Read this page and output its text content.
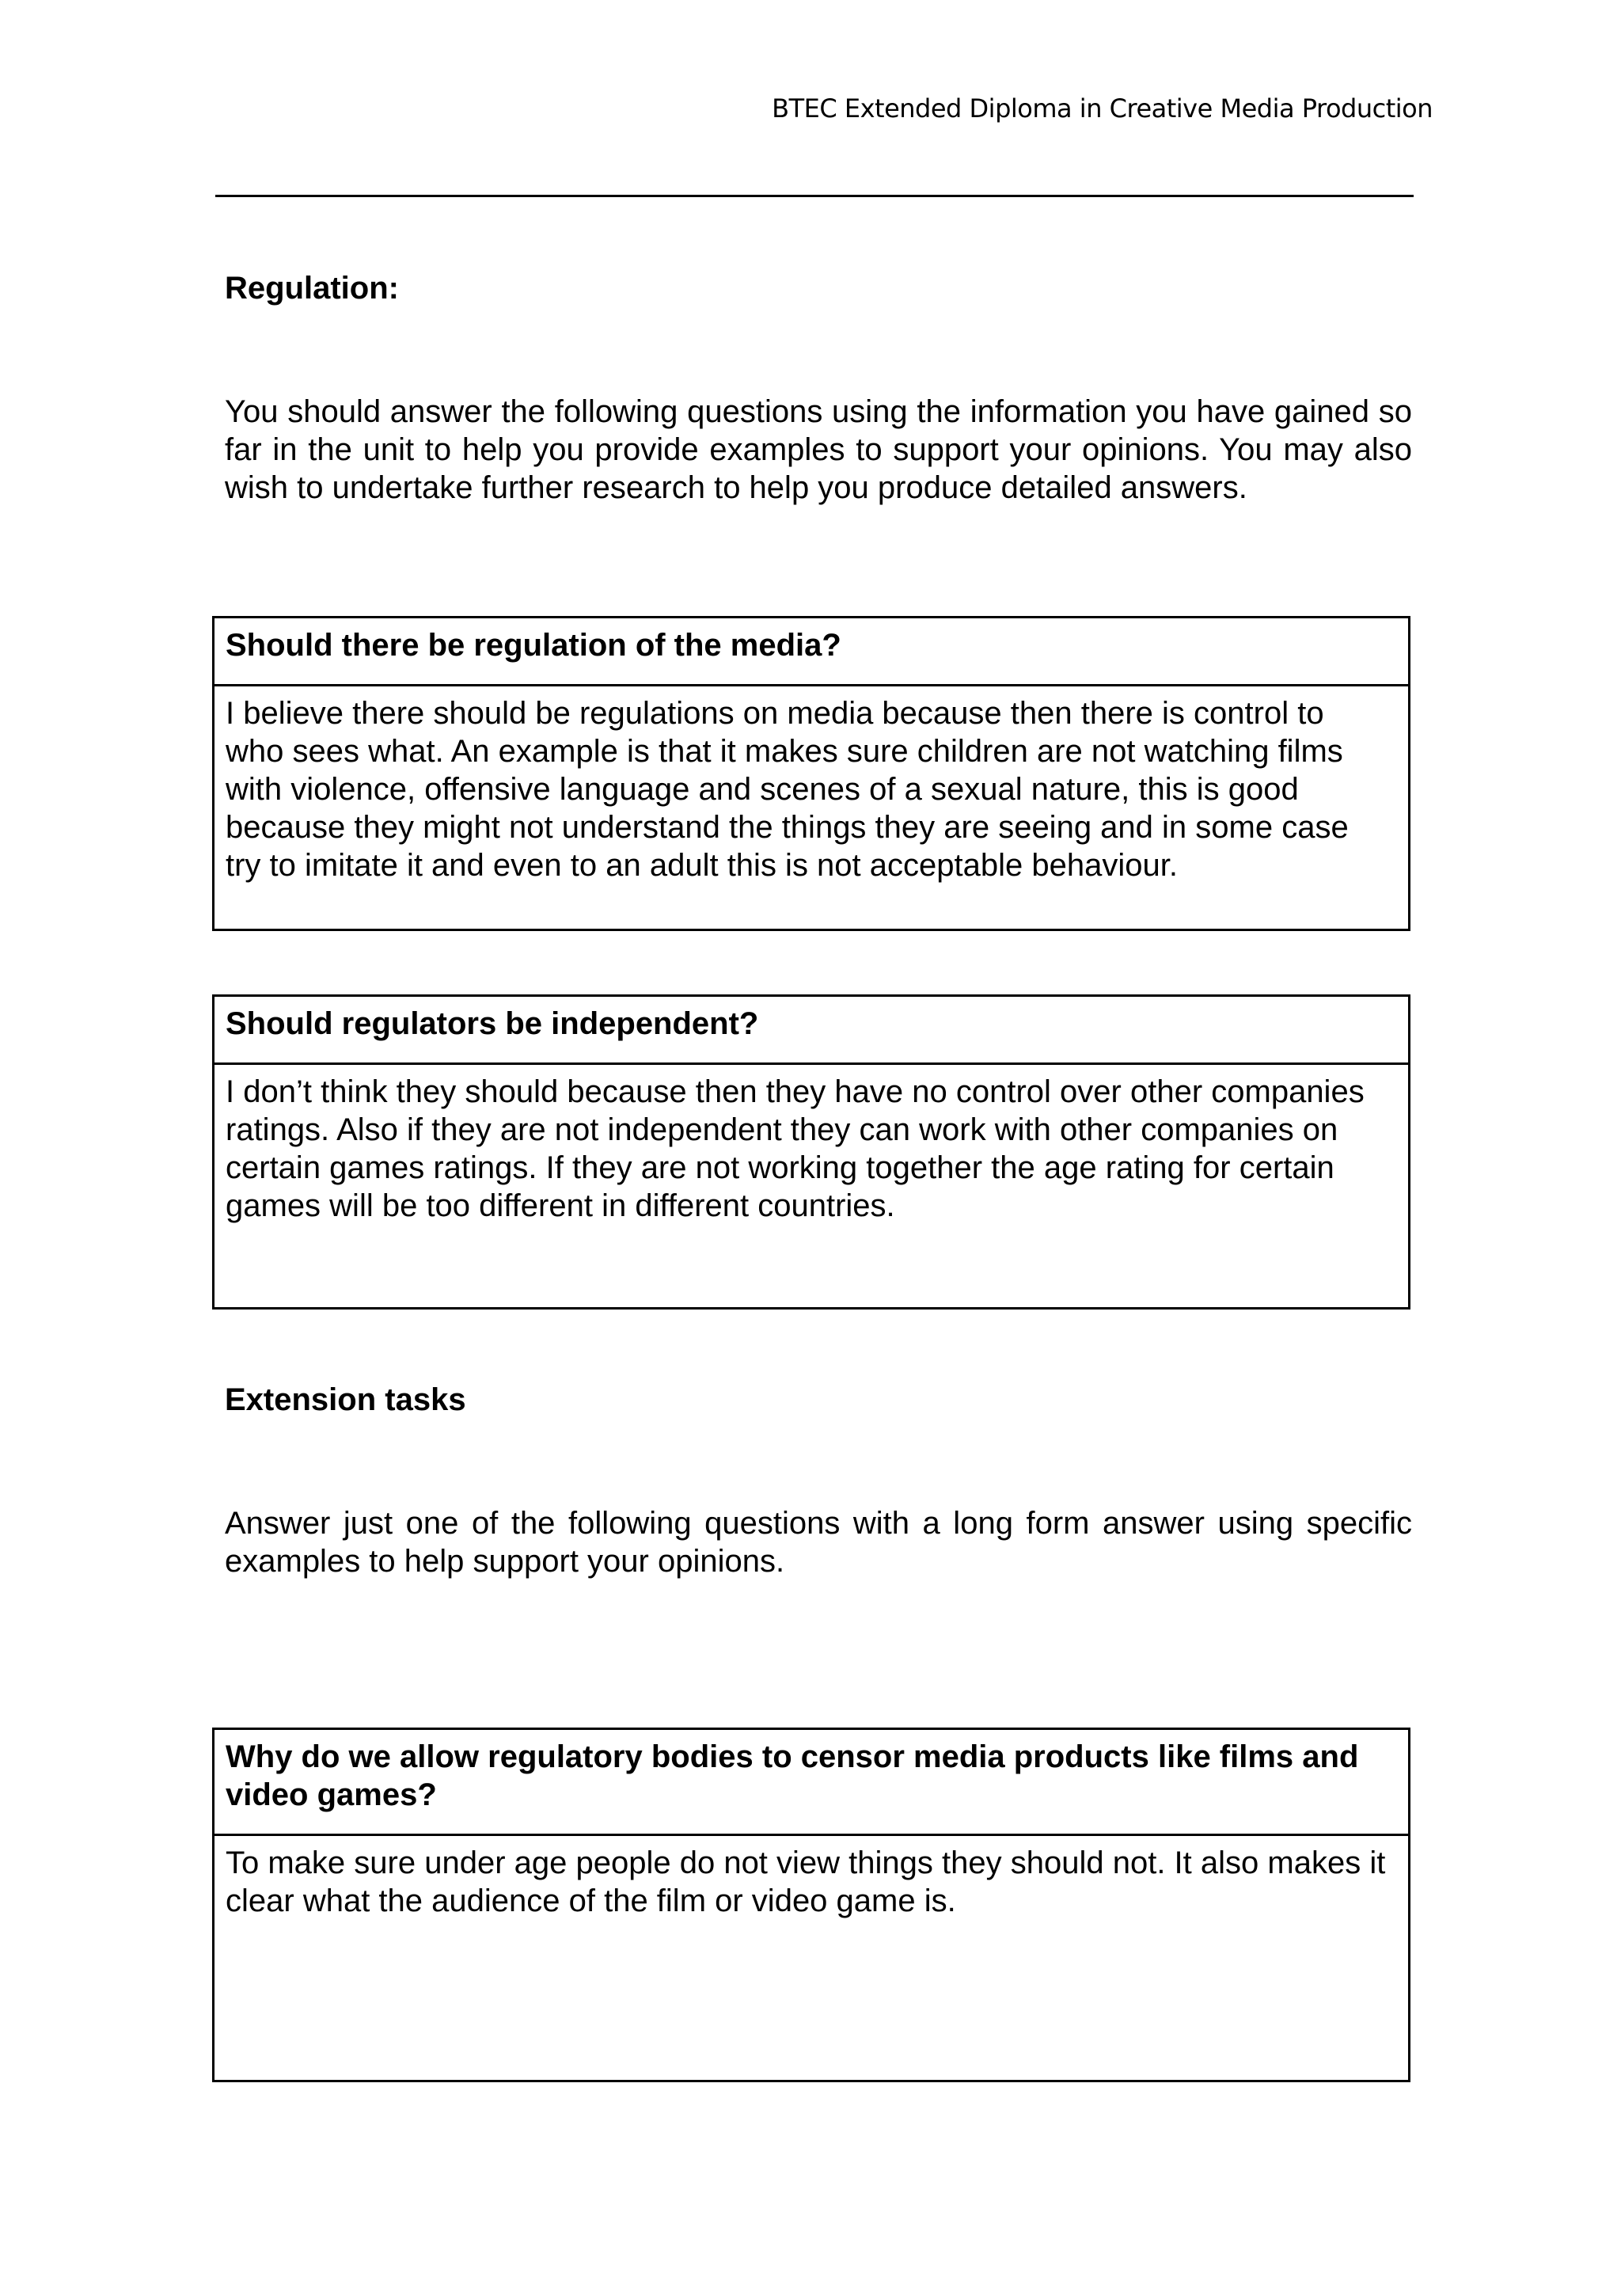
BTEC Extended Diploma in Creative Media Production
Regulation:

You should answer the following questions using the information you have gained so far in the unit to help you provide examples to support your opinions. You may also wish to undertake further research to help you produce detailed answers.

Should there be regulation of the media?
I believe there should be regulations on media because then there is control to who sees what. An example is that it makes sure children are not watching films with violence, offensive language and scenes of a sexual nature, this is good because they might not understand the things they are seeing and in some case try to imitate it and even to an adult this is not acceptable behaviour.
Should regulators be independent?
I don’t think they should because then they have no control over other companies ratings. Also if they are not independent they can work with other companies on certain games ratings. If they are not working together the age rating for certain games will be too different in different countries.
Extension tasks

Answer just one of the following questions with a long form answer using specific examples to help support your opinions.

Why do we allow regulatory bodies to censor media products like films and video games?
To make sure under age people do not view things they should not. It also makes it clear what the audience of the film or video game is.
